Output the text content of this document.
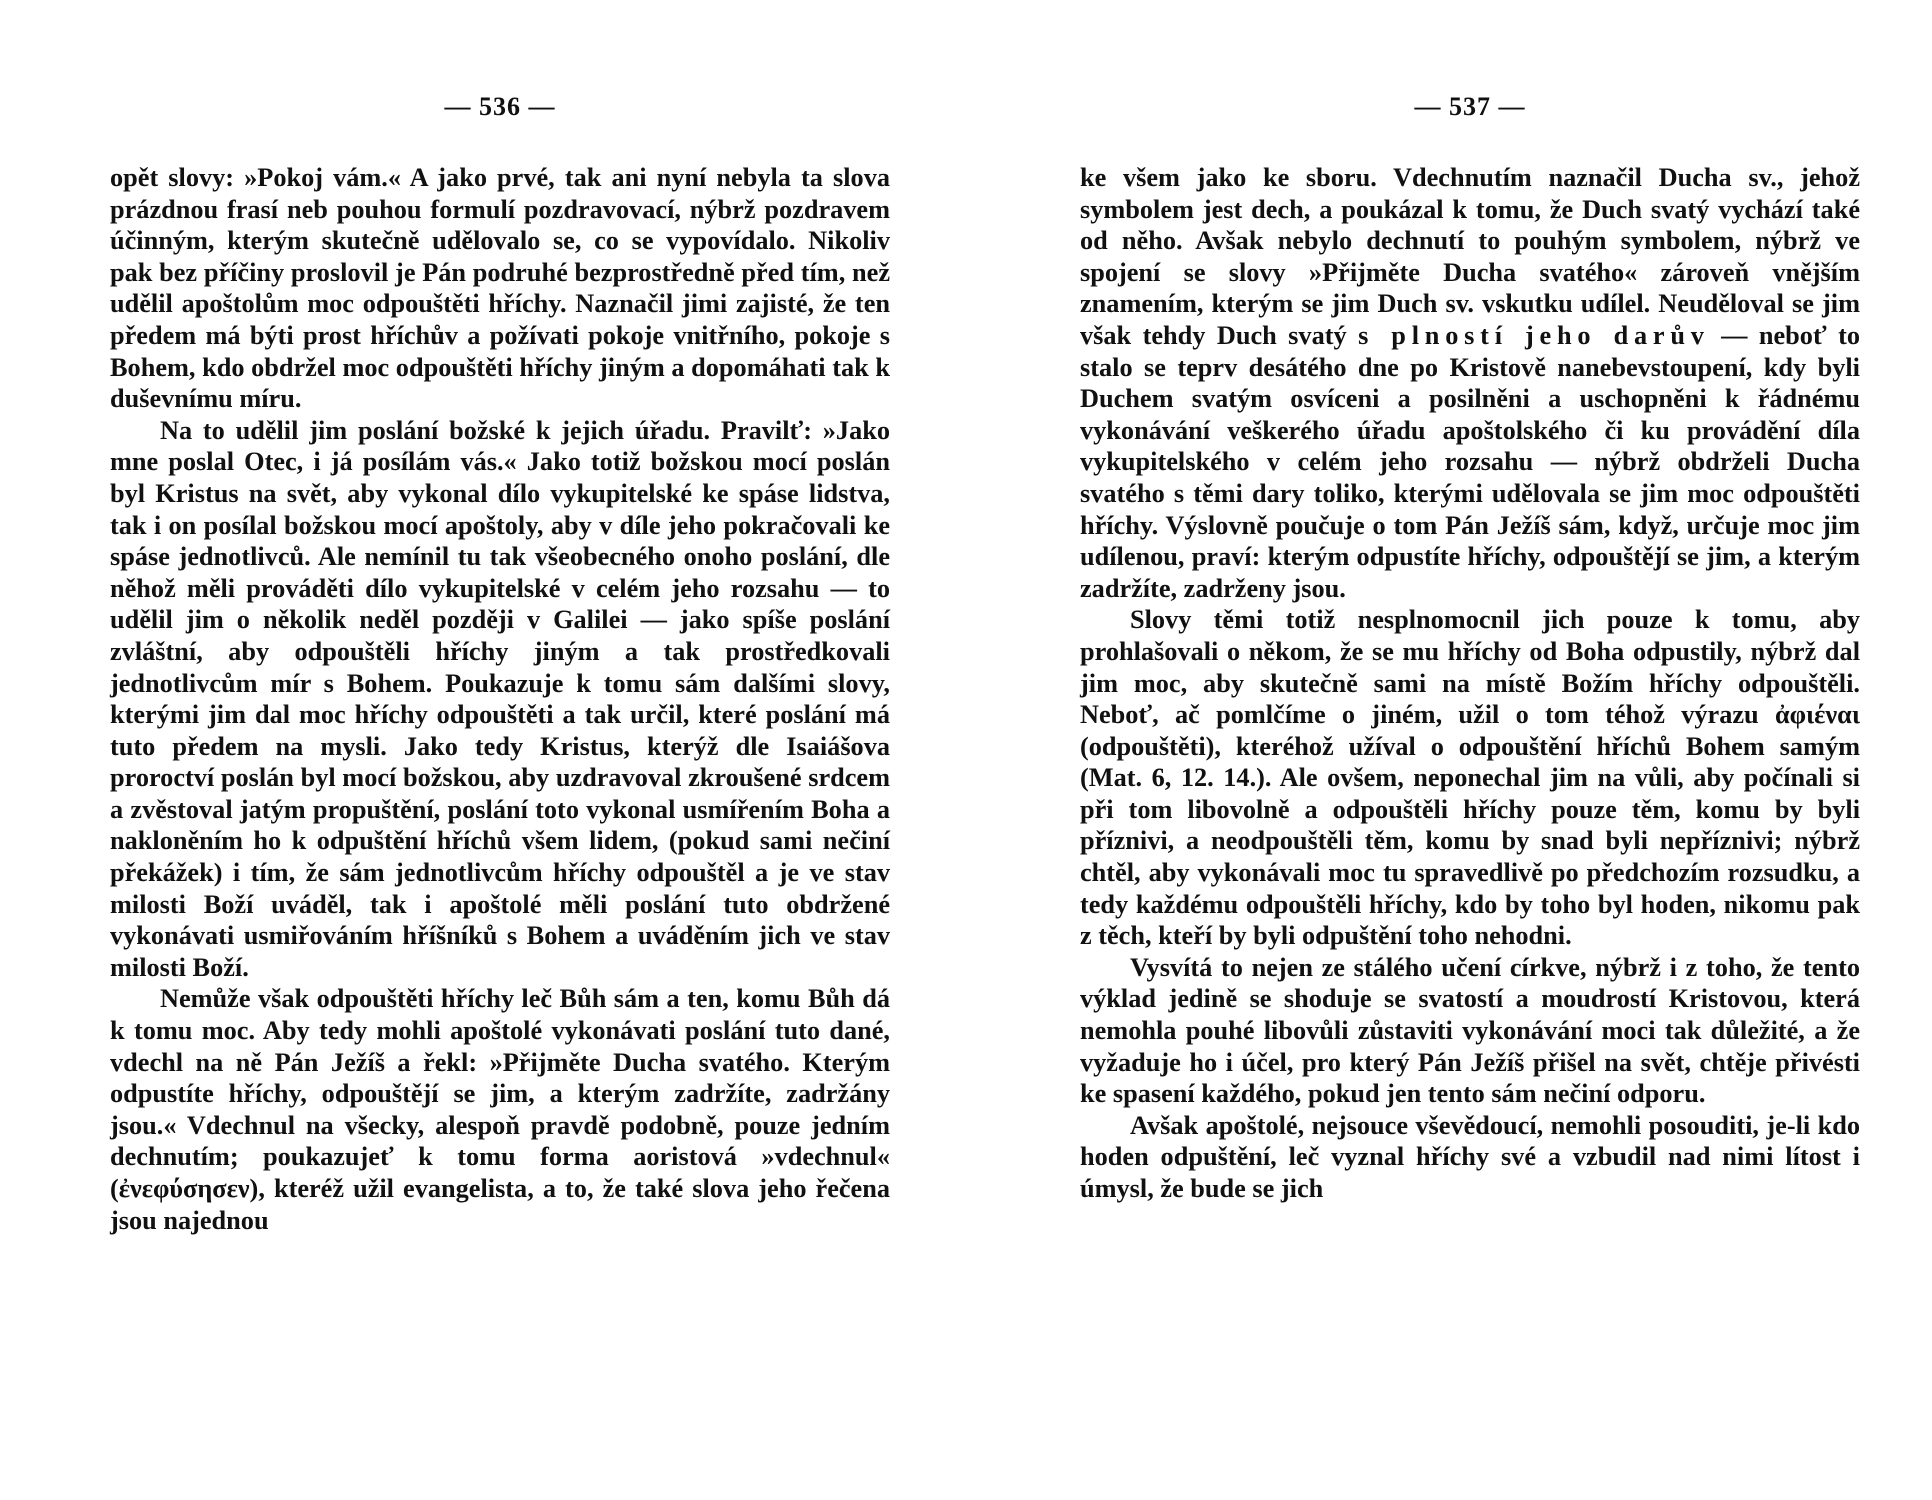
— 536 —

opět slovy: »Pokoj vám.« A jako prvé, tak ani nyní nebyla ta slova prázdnou frasí neb pouhou formulí pozdravovací, nýbrž pozdravem účinným, kterým skutečně udělovalo se, co se vypovídalo. Nikoliv pak bez příčiny proslovil je Pán podruhé bezprostředně před tím, než udělil apoštolům moc odpouštěti hříchy. Naznačil jimi zajisté, že ten předem má býti prost hříchův a požívati pokoje vnitřního, pokoje s Bohem, kdo obdržel moc odpouštěti hříchy jiným a dopomáhati tak k duševnímu míru.

Na to udělil jim poslání božské k jejich úřadu. Pravilť: »Jako mne poslal Otec, i já posílám vás.« Jako totiž božskou mocí poslán byl Kristus na svět, aby vykonal dílo vykupitelské ke spáse lidstva, tak i on posílal božskou mocí apoštoly, aby v díle jeho pokračovali ke spáse jednotlivců. Ale nemínil tu tak všeobecného onoho poslání, dle něhož měli prováděti dílo vykupitelské v celém jeho rozsahu — to udělil jim o několik neděl později v Galilei — jako spíše poslání zvláštní, aby odpouštěli hříchy jiným a tak prostředkovali jednotlivcům mír s Bohem. Poukazuje k tomu sám dalšími slovy, kterými jim dal moc hříchy odpouštěti a tak určil, které poslání má tuto předem na mysli. Jako tedy Kristus, kterýž dle Isaiášova proroctví poslán byl mocí božskou, aby uzdravoval zkroušené srdcem a zvěstoval jatým propuštění, poslání toto vykonal usmířením Boha a nakloněním ho k odpuštění hříchů všem lidem, (pokud sami nečiní překážek) i tím, že sám jednotlivcům hříchy odpouštěl a je ve stav milosti Boží uváděl, tak i apoštolé měli poslání tuto obdržené vykonávati usmiřováním hříšníků s Bohem a uváděním jich ve stav milosti Boží.

Nemůže však odpouštěti hříchy leč Bůh sám a ten, komu Bůh dá k tomu moc. Aby tedy mohli apoštolé vykonávati poslání tuto dané, vdechl na ně Pán Ježíš a řekl: »Přijměte Ducha svatého. Kterým odpustíte hříchy, odpouštějí se jim, a kterým zadržíte, zadržány jsou.« Vdechnul na všecky, alespoň pravdě podobně, pouze jedním dechnutím; poukazujeť k tomu forma aoristová »vdechnul« (ἐνεφύσησεν), kteréž užil evangelista, a to, že také slova jeho řečena jsou najednou

— 537 —

ke všem jako ke sboru. Vdechnutím naznačil Ducha sv., jehož symbolem jest dech, a poukázal k tomu, že Duch svatý vychází také od něho. Avšak nebylo dechnutí to pouhým symbolem, nýbrž ve spojení se slovy »Přijměte Ducha svatého« zároveň vnějším znamením, kterým se jim Duch sv. vskutku udílel. Neuděloval se jim však tehdy Duch svatý s plností jeho darův — neboť to stalo se teprv desátého dne po Kristově nanebevstoupení, kdy byli Duchem svatým osvíceni a posilněni a uschopněni k řádnému vykonávání veškerého úřadu apoštolského či ku provádění díla vykupitelského v celém jeho rozsahu — nýbrž obdrželi Ducha svatého s těmi dary toliko, kterými udělovala se jim moc odpouštěti hříchy. Výslovně poučuje o tom Pán Ježíš sám, když, určuje moc jim udílenou, praví: kterým odpustíte hříchy, odpouštějí se jim, a kterým zadržíte, zadrženy jsou.

Slovy těmi totiž nesplnomocnil jich pouze k tomu, aby prohlašovali o někom, že se mu hříchy od Boha odpustily, nýbrž dal jim moc, aby skutečně sami na místě Božím hříchy odpouštěli. Neboť, ač pomlčíme o jiném, užil o tom téhož výrazu ἀφιέναι (odpouštěti), kteréhož užíval o odpouštění hříchů Bohem samým (Mat. 6, 12. 14.). Ale ovšem, neponechal jim na vůli, aby počínali si při tom libovolně a odpouštěli hříchy pouze těm, komu by byli příznivi, a neodpouštěli těm, komu by snad byli nepříznivi; nýbrž chtěl, aby vykonávali moc tu spravedlivě po předchozím rozsudku, a tedy každému odpouštěli hříchy, kdo by toho byl hoden, nikomu pak z těch, kteří by byli odpuštění toho nehodni.

Vysvítá to nejen ze stálého učení církve, nýbrž i z toho, že tento výklad jedině se shoduje se svatostí a moudrostí Kristovou, která nemohla pouhé libovůli zůstaviti vykonávání moci tak důležité, a že vyžaduje ho i účel, pro který Pán Ježíš přišel na svět, chtěje přivésti ke spasení každého, pokud jen tento sám nečiní odporu.

Avšak apoštolé, nejsouce vševědoucí, nemohli posouditi, je-li kdo hoden odpuštění, leč vyznal hříchy své a vzbudil nad nimi lítost i úmysl, že bude se jich
